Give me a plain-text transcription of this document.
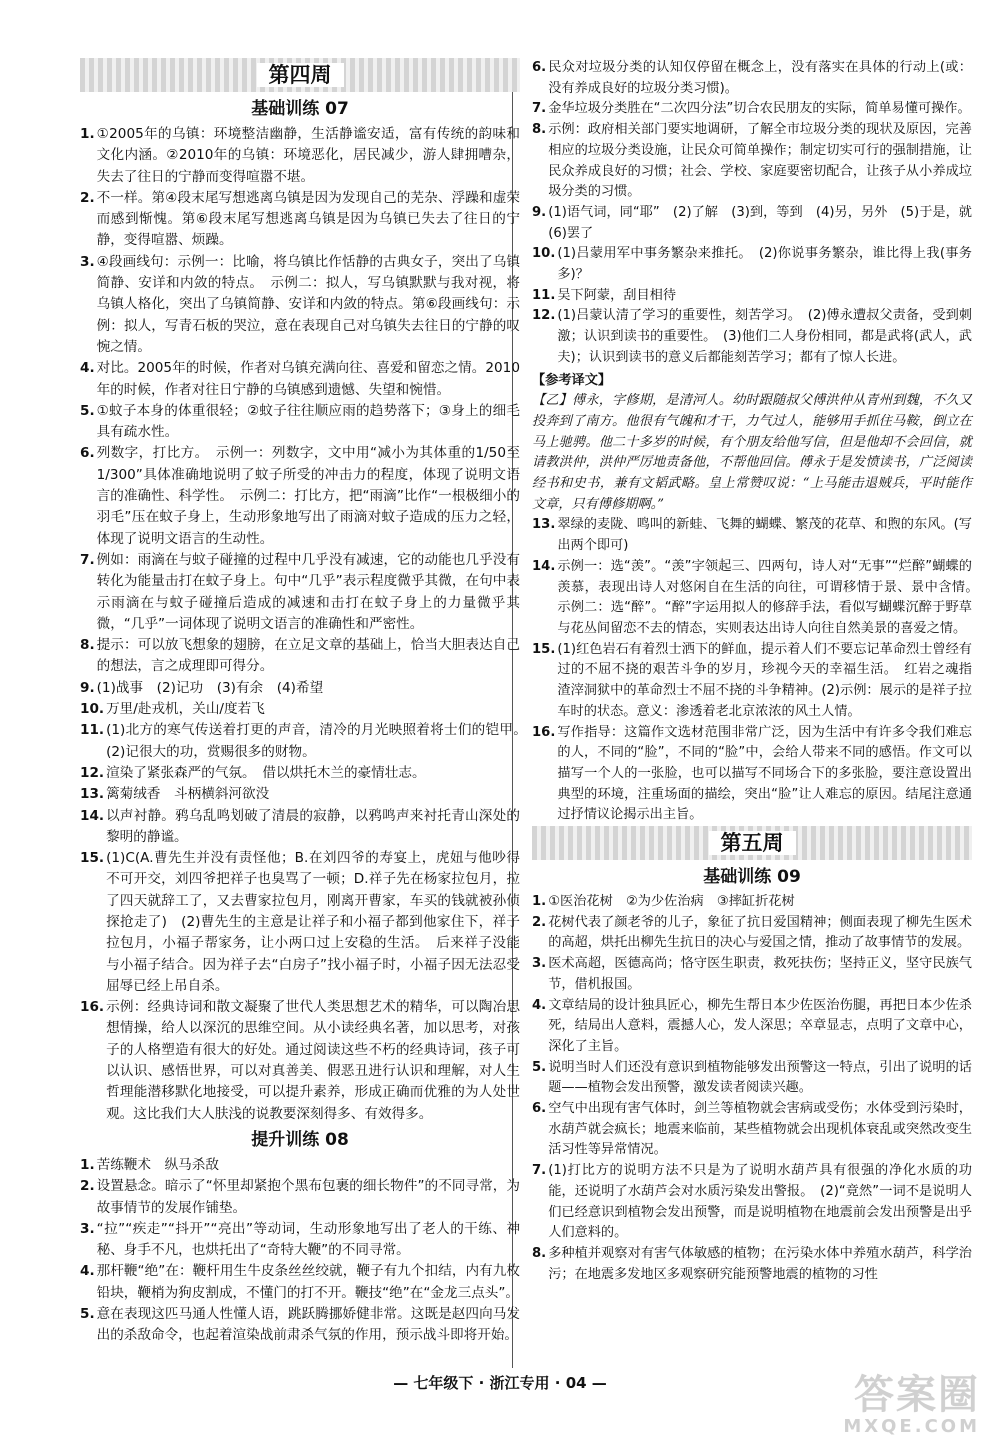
第四周
基础训练 07
1. ①2005年的乌镇：环境整洁幽静，生活静谧安适，富有传统的韵味和文化内涵。②2010年的乌镇：环境恶化，居民减少，游人肆拥嘈杂，失去了往日的宁静而变得喧嚣不堪。
2. 不一样。第④段末尾写想逃离乌镇是因为发现自己的芜杂、浮躁和虚荣而感到惭愧。第⑥段末尾写想逃离乌镇是因为乌镇已失去了往日的宁静，变得喧嚣、烦躁。
3. ④段画线句：示例一：比喻，将乌镇比作恬静的古典女子，突出了乌镇简静、安详和内敛的特点。　示例二：拟人，写乌镇默默与我对视，将乌镇人格化，突出了乌镇简静、安详和内敛的特点。第⑥段画线句：示例：拟人，写青石板的哭泣，意在表现自己对乌镇失去往日的宁静的叹惋之情。
4. 对比。2005年的时候，作者对乌镇充满向往、喜爱和留恋之情。2010年的时候，作者对往日宁静的乌镇感到遗憾、失望和惋惜。
5. ①蚊子本身的体重很轻；②蚊子往往顺应雨的趋势落下；③身上的细毛具有疏水性。
6. 列数字，打比方。　示例一：列数字，文中用“减小为其体重的1/50至1/300”具体准确地说明了蚊子所受的冲击力的程度，体现了说明文语言的准确性、科学性。　示例二：打比方，把“雨滴”比作“一根极细小的羽毛”压在蚊子身上，生动形象地写出了雨滴对蚊子造成的压力之轻，体现了说明文语言的生动性。
7. 例如：雨滴在与蚊子碰撞的过程中几乎没有减速，它的动能也几乎没有转化为能量击打在蚊子身上。句中“几乎”表示程度微乎其微，在句中表示雨滴在与蚊子碰撞后造成的减速和击打在蚊子身上的力量微乎其微，“几乎”一词体现了说明文语言的准确性和严密性。
8. 提示：可以放飞想象的翅膀，在立足文章的基础上，恰当大胆表达自己的想法，言之成理即可得分。
9. (1)战事　(2)记功　(3)有余　(4)希望
10. 万里/赴戎机，关山/度若飞
11. (1)北方的寒气传送着打更的声音，清冷的月光映照着将士们的铠甲。　(2)记很大的功，赏赐很多的财物。
12. 渲染了紧张森严的气氛。　借以烘托木兰的豪情壮志。
13. 篱菊绒香　斗柄横斜河欲没
14. 以声衬静。鸦乌乱鸣划破了清晨的寂静，以鸦鸣声来衬托青山深处的黎明的静谧。
15. (1)C(A.曹先生并没有责怪他；B.在刘四爷的寿宴上，虎妞与他吵得不可开交，刘四爷把祥子也臭骂了一顿；D.祥子先在杨家拉包月，拉了四天就辞工了，又去曹家拉包月，刚离开曹家，车买的钱就被孙侦探抢走了)　(2)曹先生的主意是让祥子和小福子都到他家住下，祥子拉包月，小福子帮家务，让小两口过上安稳的生活。　后来祥子没能与小福子结合。因为祥子去“白房子”找小福子时，小福子因无法忍受屈辱已经上吊自杀。
16. 示例：经典诗词和散文凝聚了世代人类思想艺术的精华，可以陶冶思想情操，给人以深沉的思维空间。从小读经典名著，加以思考，对孩子的人格塑造有很大的好处。通过阅读这些不朽的经典诗词，孩子可以认识、感悟世界，可以对真善美、假恶丑进行认识和理解，对人生哲理能潜移默化地接受，可以提升素养，形成正确而优雅的为人处世观。这比我们大人肤浅的说教要深刻得多、有效得多。
提升训练 08
1. 苦练鞭术　纵马杀敌
2. 设置悬念。暗示了“怀里却紧抱个黑布包裹的细长物件”的不同寻常，为故事情节的发展作铺垫。
3. “拉”“疾走”“抖开”“亮出”等动词，生动形象地写出了老人的干练、神秘、身手不凡，也烘托出了“奇特大鞭”的不同寻常。
4. 那杆鞭“绝”在：鞭杆用生牛皮条丝丝绞就，鞭子有九个扣结，内有九枚铅块，鞭梢为狗皮割成，不懂门的打不开。鞭技“绝”在“金龙三点头”。
5. 意在表现这匹马通人性懂人语，跳跃腾挪娇健非常。这既是赵四向马发出的杀敌命令，也起着渲染战前肃杀气氛的作用，预示战斗即将开始。
6. 民众对垃圾分类的认知仅停留在概念上，没有落实在具体的行动上(或：没有养成良好的垃圾分类习惯)。
7. 金华垃圾分类胜在“二次四分法”切合农民朋友的实际，简单易懂可操作。
8. 示例：政府相关部门要实地调研，了解全市垃圾分类的现状及原因，完善相应的垃圾分类设施，让民众可简单操作；制定切实可行的强制措施，让民众养成良好的习惯；社会、学校、家庭要密切配合，让孩子从小养成垃圾分类的习惯。
9. (1)语气词，同“耶”　(2)了解　(3)到，等到　(4)另，另外　(5)于是，就　(6)罢了
10. (1)吕蒙用军中事务繁杂来推托。　(2)你说事务繁杂，谁比得上我(事务多)？
11. 吴下阿蒙，刮目相待
12. (1)吕蒙认清了学习的重要性，刻苦学习。　(2)傅永遭叔父责备，受到刺激；认识到读书的重要性。　(3)他们二人身份相同，都是武将(武人，武夫)；认识到读书的意义后都能刻苦学习；都有了惊人长进。
【参考译文】
【乙】傅永，字修期，是清河人。幼时跟随叔父傅洪仲从青州到魏，不久又投奔到了南方。他很有气魄和才干，力气过人，能够用手抓住马鞍，倒立在马上驰骋。他二十多岁的时候，有个朋友给他写信，但是他却不会回信，就请教洪仲，洪仲严厉地责备他，不帮他回信。傅永于是发愤读书，广泛阅读经书和史书，兼有文韬武略。皇上常赞叹说：“上马能击退贼兵，平时能作文章，只有傅修期啊。”
13. 翠绿的麦陇、鸣叫的新蛙、飞舞的蝴蝶、繁茂的花草、和煦的东风。(写出两个即可)
14. 示例一：选“羡”。“羡”字领起三、四两句，诗人对“无事”“烂醉”蝴蝶的羡慕，表现出诗人对悠闲自在生活的向往，可谓移情于景、景中含情。　示例二：选“醉”。“醉”字运用拟人的修辞手法，看似写蝴蝶沉醉于野草与花丛间留恋不去的情态，实则表达出诗人向往自然美景的喜爱之情。
15. (1)红色岩石有着烈士洒下的鲜血，提示着人们不要忘记革命烈士曾经有过的不屈不挠的艰苦斗争的岁月，珍视今天的幸福生活。　红岩之魂指渣滓洞狱中的革命烈士不屈不挠的斗争精神。(2)示例：展示的是祥子拉车时的状态。意义：渗透着老北京浓浓的风土人情。
16. 写作指导：这篇作文选材范围非常广泛，因为生活中有许多令我们难忘的人，不同的“脸”，不同的“脸”中，会给人带来不同的感悟。作文可以描写一个人的一张脸，也可以描写不同场合下的多张脸，要注意设置出典型的环境，注重场面的描绘，突出“脸”让人难忘的原因。结尾注意通过抒情议论揭示出主旨。
第五周
基础训练 09
1. ①医治花树　②为少佐治病　③摔缸折花树
2. 花树代表了颜老爷的儿子，象征了抗日爱国精神；侧面表现了柳先生医术的高超，烘托出柳先生抗日的决心与爱国之情，推动了故事情节的发展。
3. 医术高超，医德高尚；恪守医生职责，救死扶伤；坚持正义，坚守民族气节，借机报国。
4. 文章结局的设计独具匠心，柳先生帮日本少佐医治伤腿，再把日本少佐杀死，结局出人意料，震撼人心，发人深思；卒章显志，点明了文章中心，深化了主旨。
5. 说明当时人们还没有意识到植物能够发出预警这一特点，引出了说明的话题——植物会发出预警，激发读者阅读兴趣。
6. 空气中出现有害气体时，剑兰等植物就会害病或受伤；水体受到污染时，水葫芦就会疯长；地震来临前，某些植物就会出现机体衰乱或突然改变生活习性等异常情况。
7. (1)打比方的说明方法不只是为了说明水葫芦具有很强的净化水质的功能，还说明了水葫芦会对水质污染发出警报。　(2)“竟然”一词不是说明人们已经意识到植物会发出预警，而是说明植物在地震前会发出预警是出乎人们意料的。
8. 多种植并观察对有害气体敏感的植物；在污染水体中养殖水葫芦，科学治污；在地震多发地区多观察研究能预警地震的植物的习性
— 七年级下 · 浙江专用 · 04 —	答案圈
MXQE.COM
